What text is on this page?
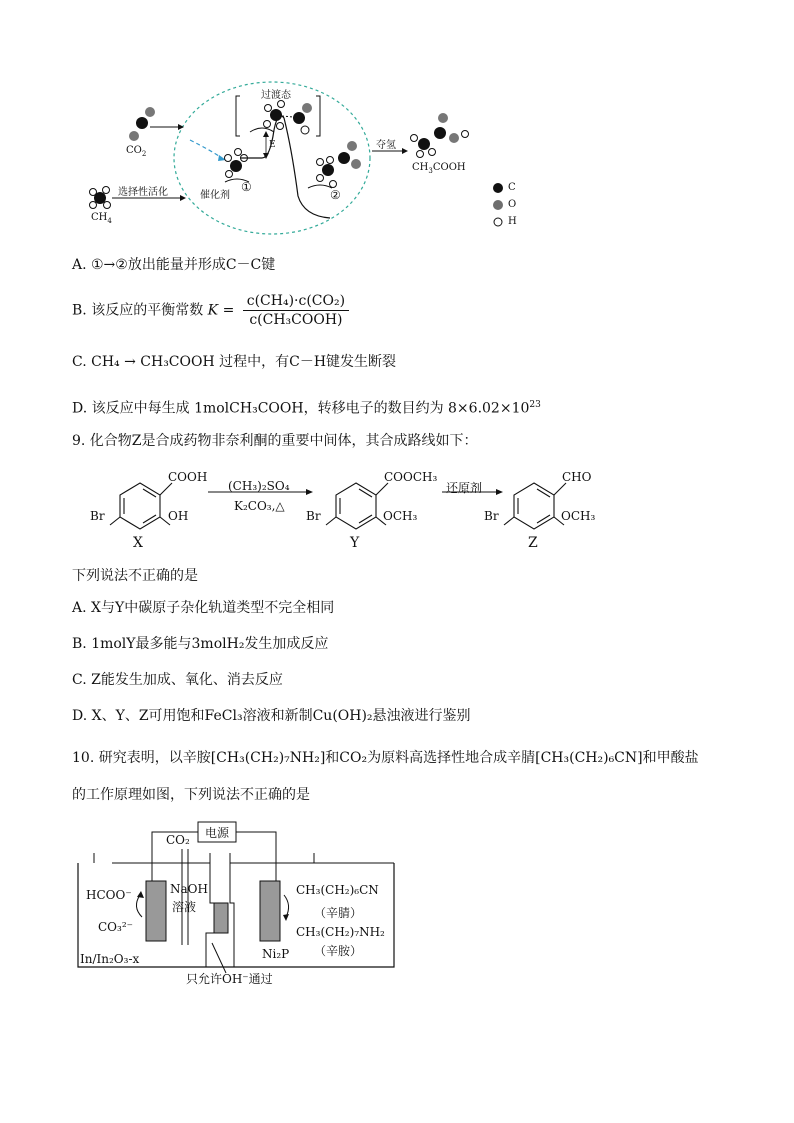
过渡态
$CO_2$
$CH_4$
选择性活化	催化剂
①
②
E	夺氢
$CH_3COOH$
C
O
H
A. ①→②放出能量并形成C－C键
B. 该反应的平衡常数 $K = \frac{\text{c(CH₄)·c(CO₂)}}{\text{c(CH₃COOH)}}$
C. CH₄ → CH₃COOH 过程中，有C－H键发生断裂
D. 该反应中每生成 1molCH₃COOH，转移电子的数目约为 $8\times 6.02\times 10^{23}$
9. 化合物Z是合成药物非奈利酮的重要中间体，其合成路线如下：
COOH
OH
Br
X
(CH₃)₂SO₄
K₂CO₃,△
COOCH₃
OCH₃
Br
Y
还原剂
CHO
OCH₃
Br
Z
下列说法不正确的是
A. X与Y中碳原子杂化轨道类型不完全相同
B. 1molY最多能与3molH₂发生加成反应
C. Z能发生加成、氧化、消去反应
D. X、Y、Z可用饱和FeCl₃溶液和新制Cu(OH)₂悬浊液进行鉴别
10. 研究表明，以辛胺[CH₃(CH₂)₇NH₂]和CO₂为原料高选择性地合成辛腈[CH₃(CH₂)₆CN]和甲酸盐
的工作原理如图，下列说法不正确的是
电源
CO₂
HCOO⁻
CO₃²⁻
NaOH
溶液
In/In₂O₃-x	Ni₂P
CH₃(CH₂)₆CN
（辛腈）
CH₃(CH₂)₇NH₂
（辛胺）
只允许OH⁻通过
